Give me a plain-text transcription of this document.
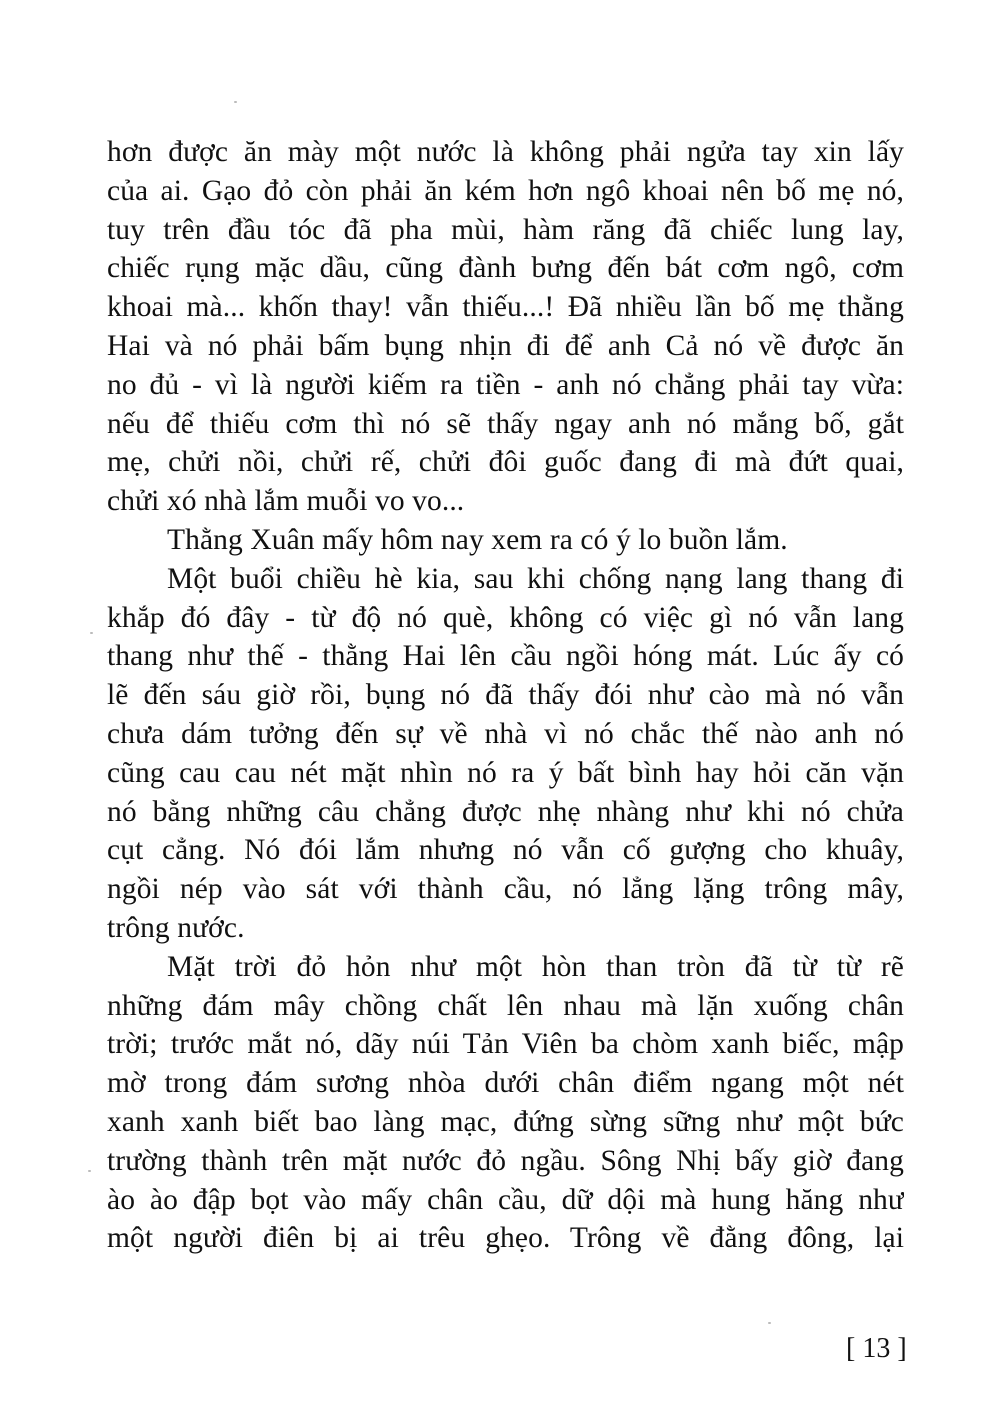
hơn được ăn mày một nước là không phải ngửa tay xin lấy
của ai. Gạo đỏ còn phải ăn kém hơn ngô khoai nên bố mẹ nó,
tuy trên đầu tóc đã pha mùi, hàm răng đã chiếc lung lay,
chiếc rụng mặc dầu, cũng đành bưng đến bát cơm ngô, cơm
khoai mà... khốn thay! vẫn thiếu...! Đã nhiều lần bố mẹ thằng
Hai và nó phải bấm bụng nhịn đi để anh Cả nó về được ăn
no đủ - vì là người kiếm ra tiền - anh nó chẳng phải tay vừa:
nếu để thiếu cơm thì nó sẽ thấy ngay anh nó mắng bố, gắt
mẹ, chửi nồi, chửi rế, chửi đôi guốc đang đi mà đứt quai,
chửi xó nhà lắm muỗi vo vo...
Thằng Xuân mấy hôm nay xem ra có ý lo buồn lắm.
Một buổi chiều hè kia, sau khi chống nạng lang thang đi
khắp đó đây - từ độ nó què, không có việc gì nó vẫn lang
thang như thế - thằng Hai lên cầu ngồi hóng mát. Lúc ấy có
lẽ đến sáu giờ rồi, bụng nó đã thấy đói như cào mà nó vẫn
chưa dám tưởng đến sự về nhà vì nó chắc thế nào anh nó
cũng cau cau nét mặt nhìn nó ra ý bất bình hay hỏi căn vặn
nó bằng những câu chẳng được nhẹ nhàng như khi nó chửa
cụt cẳng. Nó đói lắm nhưng nó vẫn cố gượng cho khuây,
ngồi nép vào sát với thành cầu, nó lẳng lặng trông mây,
trông nước.
Mặt trời đỏ hỏn như một hòn than tròn đã từ từ rẽ
những đám mây chồng chất lên nhau mà lặn xuống chân
trời; trước mắt nó, dãy núi Tản Viên ba chòm xanh biếc, mập
mờ trong đám sương nhòa dưới chân điểm ngang một nét
xanh xanh biết bao làng mạc, đứng sừng sững như một bức
trường thành trên mặt nước đỏ ngầu. Sông Nhị bấy giờ đang
ào ào đập bọt vào mấy chân cầu, dữ dội mà hung hăng như
một người điên bị ai trêu ghẹo. Trông về đằng đông, lại
[ 13 ]
